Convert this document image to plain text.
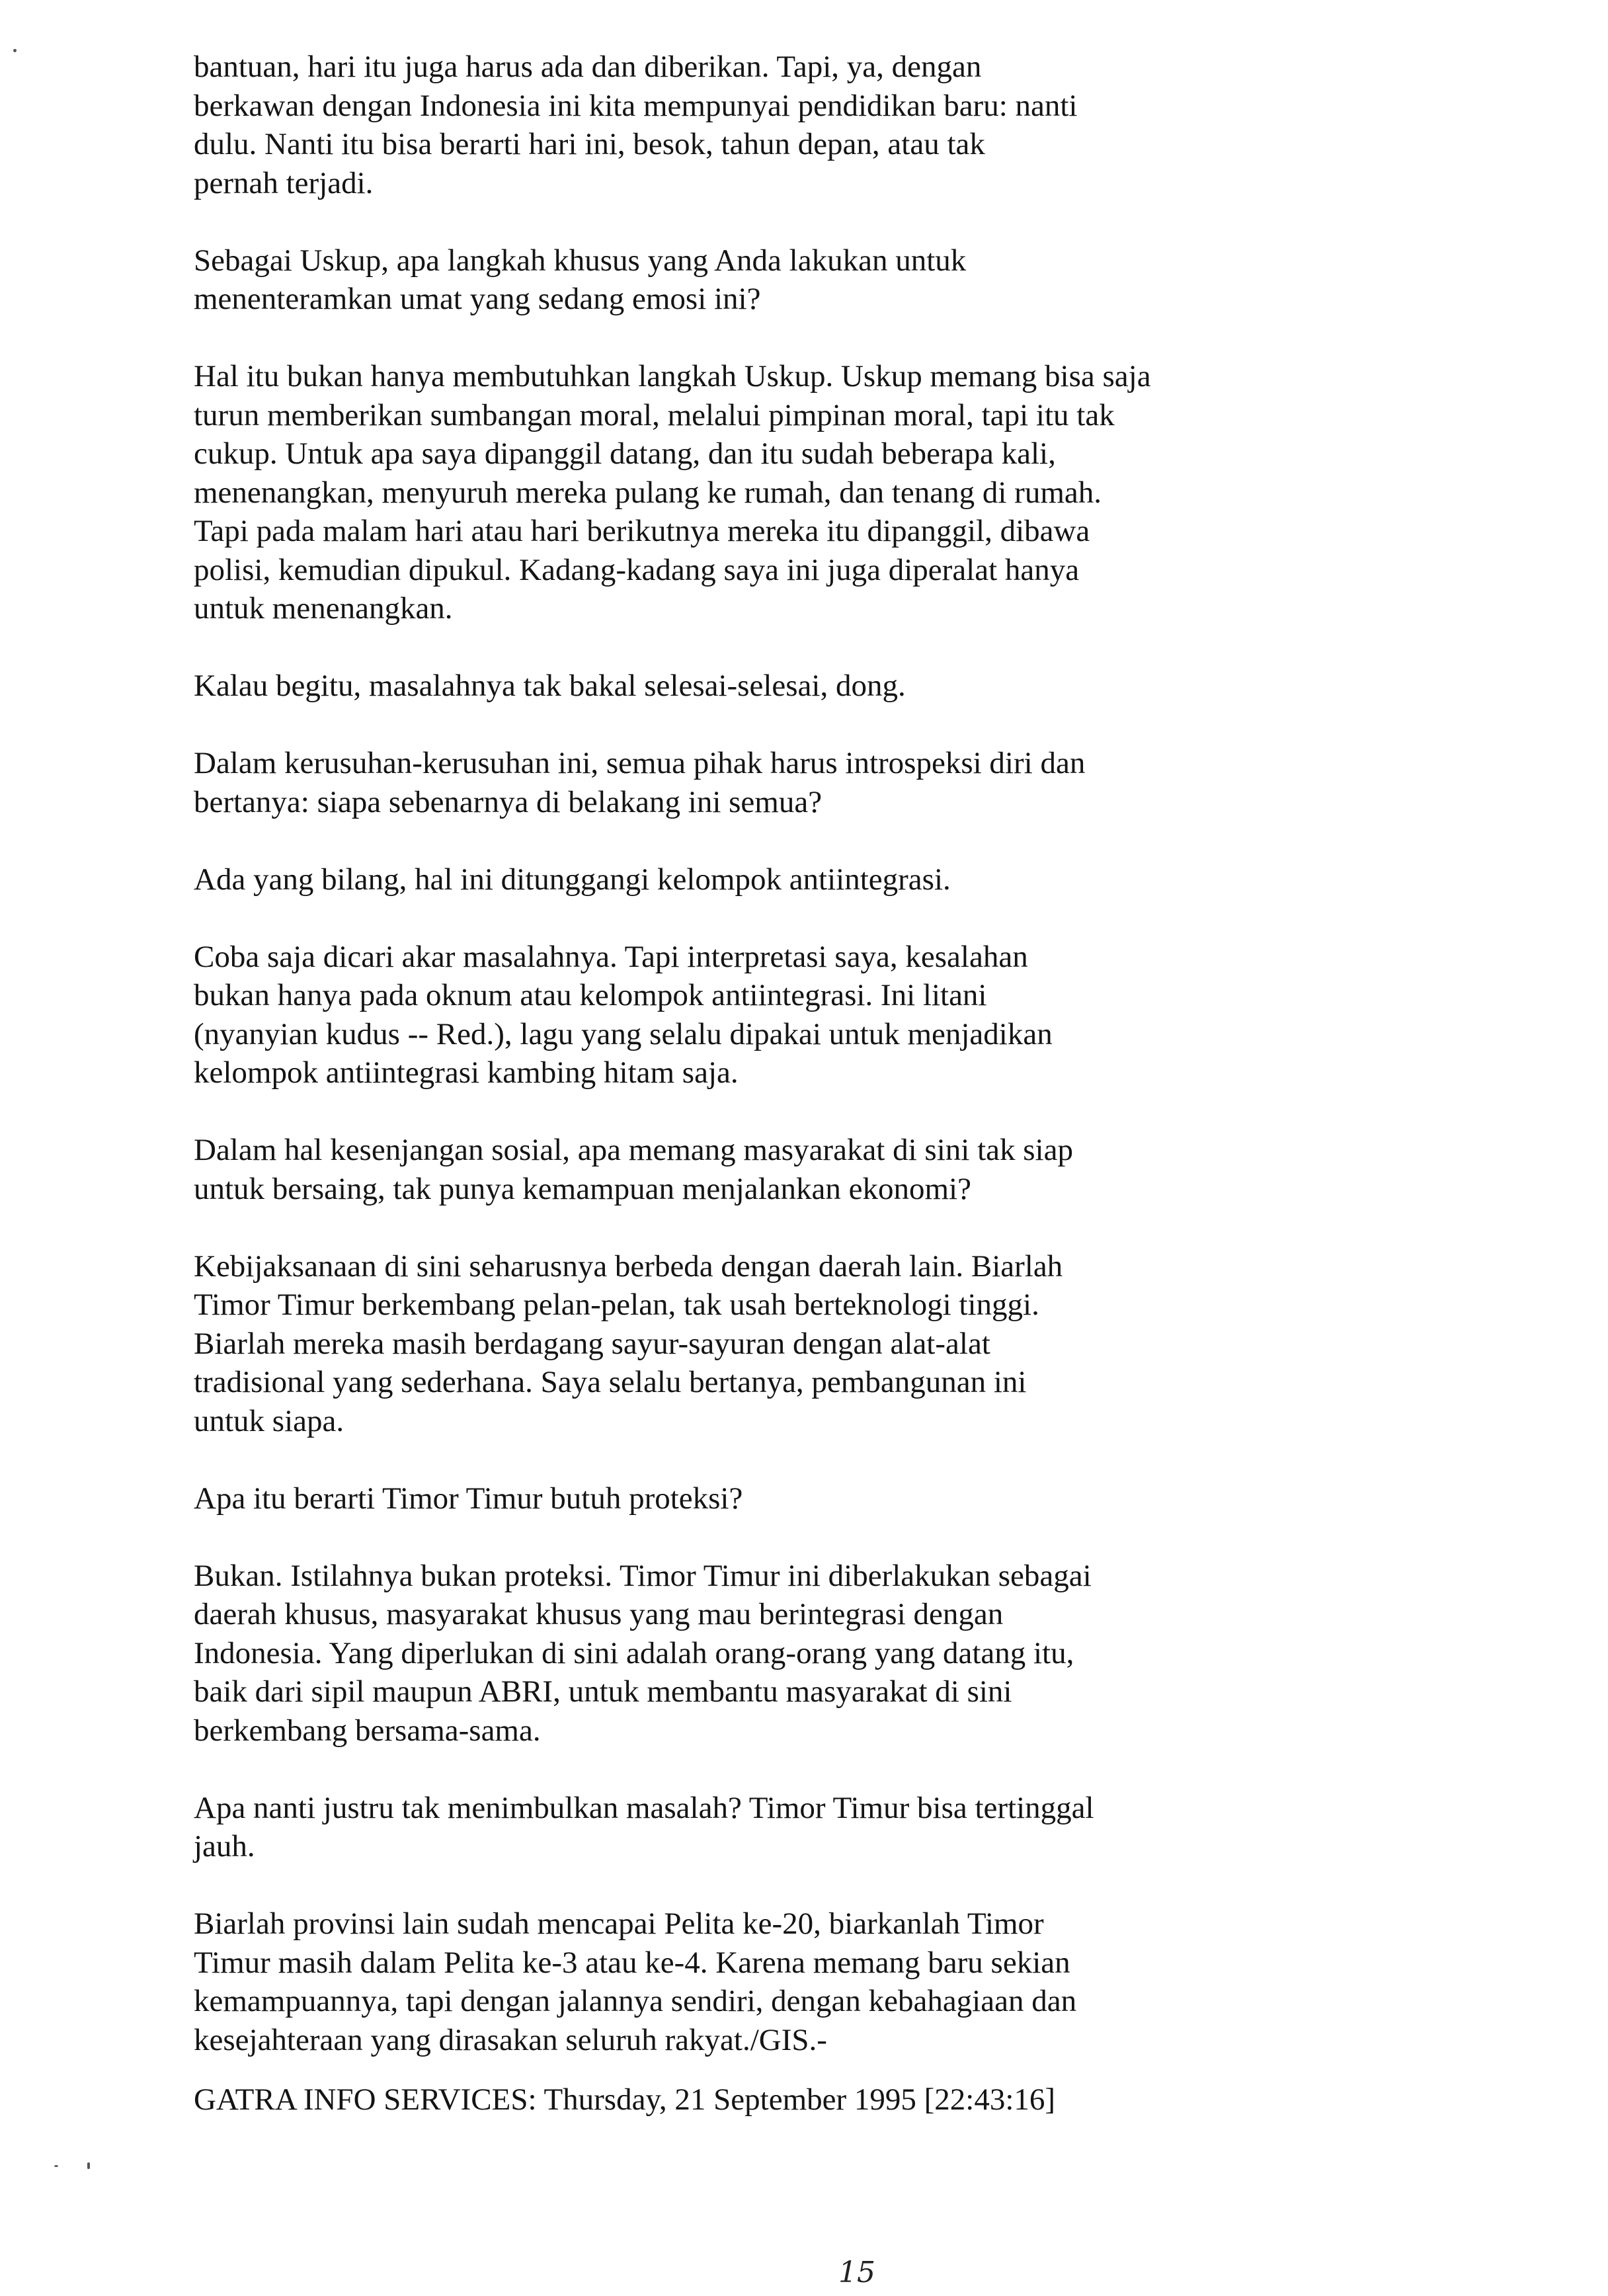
bantuan, hari itu juga harus ada dan diberikan. Tapi, ya, dengan
berkawan dengan Indonesia ini kita mempunyai pendidikan baru: nanti
dulu. Nanti itu bisa berarti hari ini, besok, tahun depan, atau tak
pernah terjadi.

Sebagai Uskup, apa langkah khusus yang Anda lakukan untuk
menenteramkan umat yang sedang emosi ini?

Hal itu bukan hanya membutuhkan langkah Uskup. Uskup memang bisa saja
turun memberikan sumbangan moral, melalui pimpinan moral, tapi itu tak
cukup. Untuk apa saya dipanggil datang, dan itu sudah beberapa kali,
menenangkan, menyuruh mereka pulang ke rumah, dan tenang di rumah.
Tapi pada malam hari atau hari berikutnya mereka itu dipanggil, dibawa
polisi, kemudian dipukul. Kadang-kadang saya ini juga diperalat hanya
untuk menenangkan.

Kalau begitu, masalahnya tak bakal selesai-selesai, dong.

Dalam kerusuhan-kerusuhan ini, semua pihak harus introspeksi diri dan
bertanya: siapa sebenarnya di belakang ini semua?

Ada yang bilang, hal ini ditunggangi kelompok antiintegrasi.

Coba saja dicari akar masalahnya. Tapi interpretasi saya, kesalahan
bukan hanya pada oknum atau kelompok antiintegrasi. Ini litani
(nyanyian kudus -- Red.), lagu yang selalu dipakai untuk menjadikan
kelompok antiintegrasi kambing hitam saja.

Dalam hal kesenjangan sosial, apa memang masyarakat di sini tak siap
untuk bersaing, tak punya kemampuan menjalankan ekonomi?

Kebijaksanaan di sini seharusnya berbeda dengan daerah lain. Biarlah
Timor Timur berkembang pelan-pelan, tak usah berteknologi tinggi.
Biarlah mereka masih berdagang sayur-sayuran dengan alat-alat
tradisional yang sederhana. Saya selalu bertanya, pembangunan ini
untuk siapa.

Apa itu berarti Timor Timur butuh proteksi?

Bukan. Istilahnya bukan proteksi. Timor Timur ini diberlakukan sebagai
daerah khusus, masyarakat khusus yang mau berintegrasi dengan
Indonesia. Yang diperlukan di sini adalah orang-orang yang datang itu,
baik dari sipil maupun ABRI, untuk membantu masyarakat di sini
berkembang bersama-sama.

Apa nanti justru tak menimbulkan masalah? Timor Timur bisa tertinggal
jauh.

Biarlah provinsi lain sudah mencapai Pelita ke-20, biarkanlah Timor
Timur masih dalam Pelita ke-3 atau ke-4. Karena memang baru sekian
kemampuannya, tapi dengan jalannya sendiri, dengan kebahagiaan dan
kesejahteraan yang dirasakan seluruh rakyat./GIS.-

GATRA INFO SERVICES: Thursday, 21 September 1995 [22:43:16]
15
